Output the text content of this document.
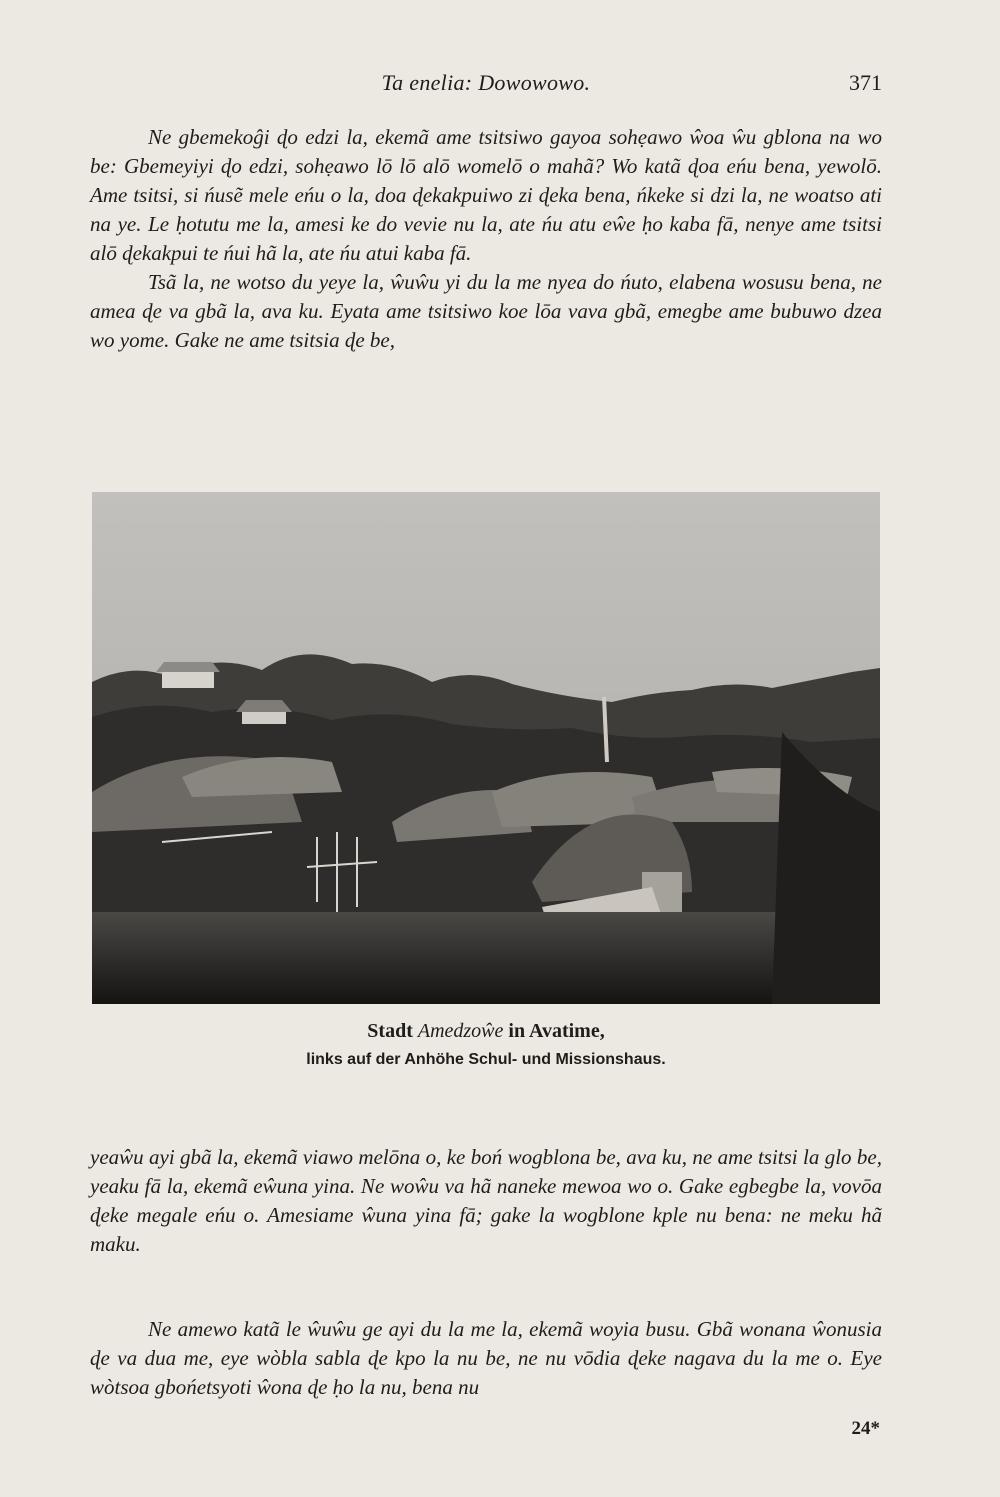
Ta enelia: Dowowowo.	371

Ne gbemekoĝi ɖo edzi la, ekemã ame tsitsiwo gayoa sohẹawo ŵoa ŵu gblona na wo be: Gbemeyiyi ɖo edzi, sohẹawo lō lō alō womelō o mahã? Wo katã ɖoa eńu bena, yewolō. Ame tsitsi, si ńusẽ mele eńu o la, doa ɖekakpuiwo zi ɖeka bena, ńkeke si dzi la, ne woatso ati na ye. Le ḥotutu me la, amesi ke do vevie nu la, ate ńu atu eŵe ḥo kaba fā, nenye ame tsitsi alō ɖekakpui te ńui hã la, ate ńu atui kaba fā.

Tsã la, ne wotso du yeye la, ŵuŵu yi du la me nyea do ńuto, elabena wosusu bena, ne amea ɖe va gbã la, ava ku. Eyata ame tsitsiwo koe lōa vava gbã, emegbe ame bubuwo dzea wo yome. Gake ne ame tsitsia ɖe be,

Stadt Amedzoŵe in Avatime,
links auf der Anhöhe Schul- und Missionshaus.

yeaŵu ayi gbã la, ekemã viawo melōna o, ke boń wogblona be, ava ku, ne ame tsitsi la glo be, yeaku fā la, ekemã eŵuna yina. Ne woŵu va hã naneke mewoa wo o. Gake egbegbe la, vovōa ɖeke megale eńu o. Amesiame ŵuna yina fā; gake la wogblone kple nu bena: ne meku hã maku.

Ne amewo katã le ŵuŵu ge ayi du la me la, ekemã woyia busu. Gbã wonana ŵonusia ɖe va dua me, eye wòbla sabla ɖe kpo la nu be, ne nu vōdia ɖeke nagava du la me o. Eye wòtsoa gbońetsyoti ŵona ɖe ḥo la nu, bena nu

24*
